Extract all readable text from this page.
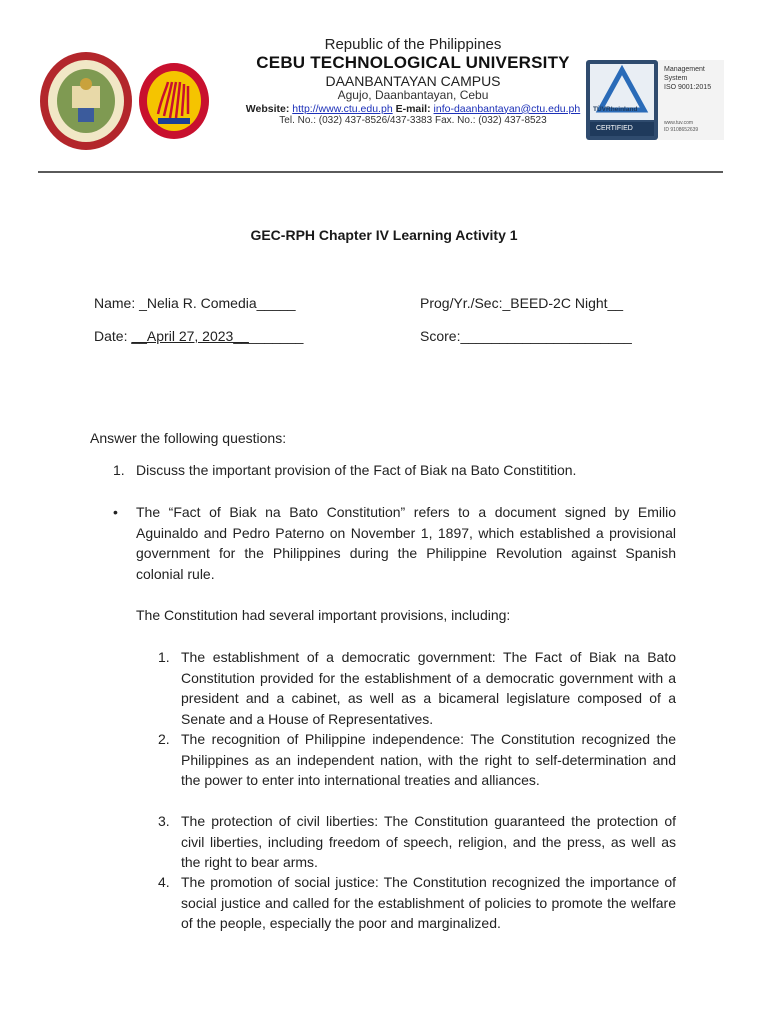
Republic of the Philippines
CEBU TECHNOLOGICAL UNIVERSITY
DAANBANTAYAN CAMPUS
Agujo, Daanbantayan, Cebu
Website: http://www.ctu.edu.ph E-mail: info-daanbantayan@ctu.edu.ph
Tel. No.: (032) 437-8526/437-3383 Fax. No.: (032) 437-8523
TÜVRheinland
CERTIFIED
Management
System
ISO 9001:2015
www.tuv.com
ID 9108652639
GEC-RPH Chapter IV Learning Activity 1
Name: _Nelia R. Comedia_____	Prog/Yr./Sec:_BEED-2C Night__
Date: __April 27, 2023_________	Score:______________________
Answer the following questions:
1. Discuss the important provision of the Fact of Biak na Bato Constitition.
• The “Fact of Biak na Bato Constitution” refers to a document signed by Emilio Aguinaldo and Pedro Paterno on November 1, 1897, which established a provisional government for the Philippines during the Philippine Revolution against Spanish colonial rule.
The Constitution had several important provisions, including:
1. The establishment of a democratic government: The Fact of Biak na Bato Constitution provided for the establishment of a democratic government with a president and a cabinet, as well as a bicameral legislature composed of a Senate and a House of Representatives.
2. The recognition of Philippine independence: The Constitution recognized the Philippines as an independent nation, with the right to self-determination and the power to enter into international treaties and alliances.
3. The protection of civil liberties: The Constitution guaranteed the protection of civil liberties, including freedom of speech, religion, and the press, as well as the right to bear arms.
4. The promotion of social justice: The Constitution recognized the importance of social justice and called for the establishment of policies to promote the welfare of the people, especially the poor and marginalized.
